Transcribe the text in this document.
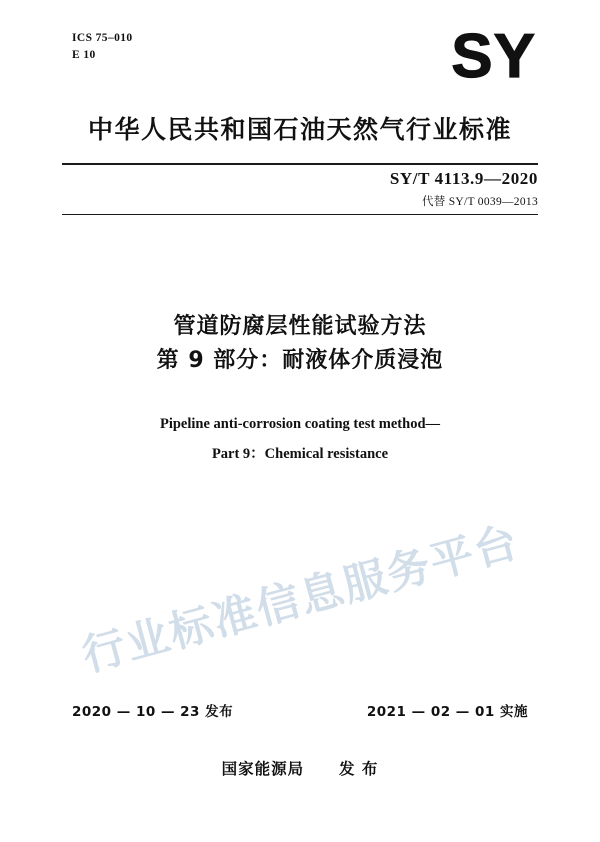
ICS 75–010
E 10	SY
中华人民共和国石油天然气行业标准
SY/T 4113.9—2020
代替 SY/T 0039—2013
管道防腐层性能试验方法
第 9 部分：耐液体介质浸泡
Pipeline anti-corrosion coating test method—
Part 9：Chemical resistance
行业标准信息服务平台
2020 — 10 — 23 发布	2021 — 02 — 01 实施
国家能源局 发 布
